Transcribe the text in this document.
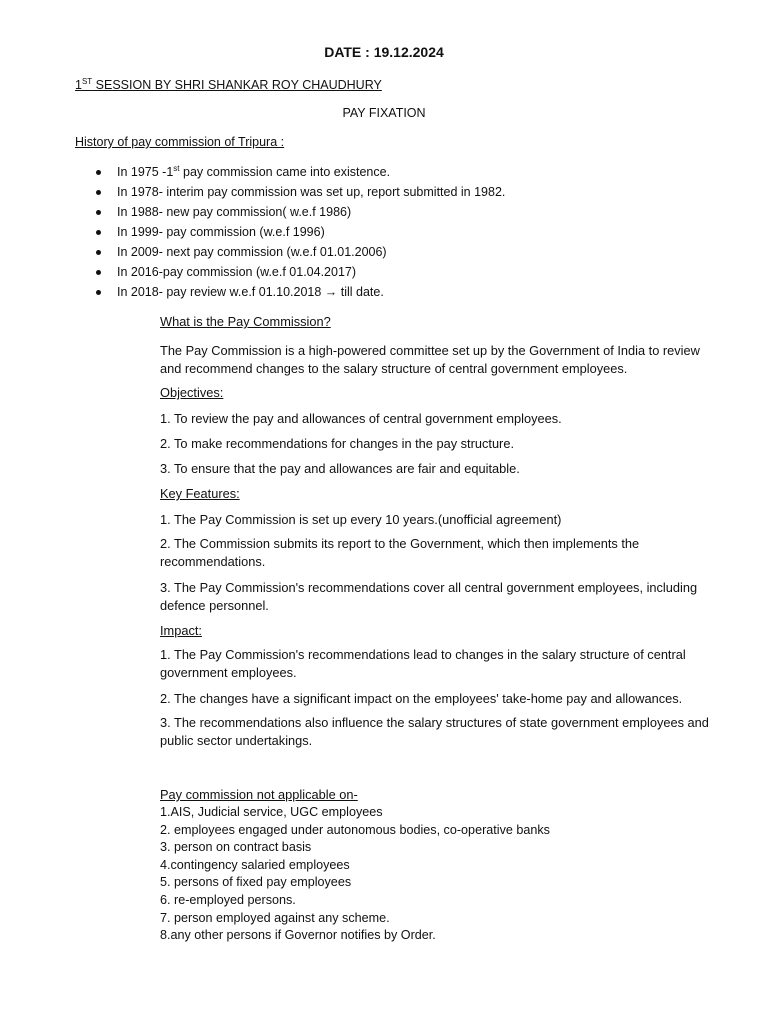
DATE : 19.12.2024
1ST SESSION BY SHRI SHANKAR ROY CHAUDHURY
PAY FIXATION
History of pay commission of Tripura :
In 1975 -1st pay commission came into existence.
In 1978- interim pay commission was set up, report submitted in 1982.
In 1988- new pay commission( w.e.f 1986)
In 1999- pay commission (w.e.f 1996)
In 2009- next pay commission (w.e.f 01.01.2006)
In 2016-pay commission (w.e.f 01.04.2017)
In 2018- pay review w.e.f 01.10.2018 → till date.
What is the Pay Commission?
The Pay Commission is a high-powered committee set up by the Government of India to review and recommend changes to the salary structure of central government employees.
Objectives:
1. To review the pay and allowances of central government employees.
2. To make recommendations for changes in the pay structure.
3. To ensure that the pay and allowances are fair and equitable.
Key Features:
1. The Pay Commission is set up every 10 years.(unofficial agreement)
2. The Commission submits its report to the Government, which then implements the recommendations.
3. The Pay Commission's recommendations cover all central government employees, including defence personnel.
Impact:
1. The Pay Commission's recommendations lead to changes in the salary structure of central government employees.
2. The changes have a significant impact on the employees' take-home pay and allowances.
3. The recommendations also influence the salary structures of state government employees and public sector undertakings.
Pay commission not applicable on-
1.AIS, Judicial service, UGC employees
2. employees engaged under autonomous bodies, co-operative banks
3. person on contract basis
4.contingency salaried employees
5. persons of fixed pay employees
6. re-employed persons.
7. person employed against any scheme.
8.any other persons if Governor notifies by Order.
